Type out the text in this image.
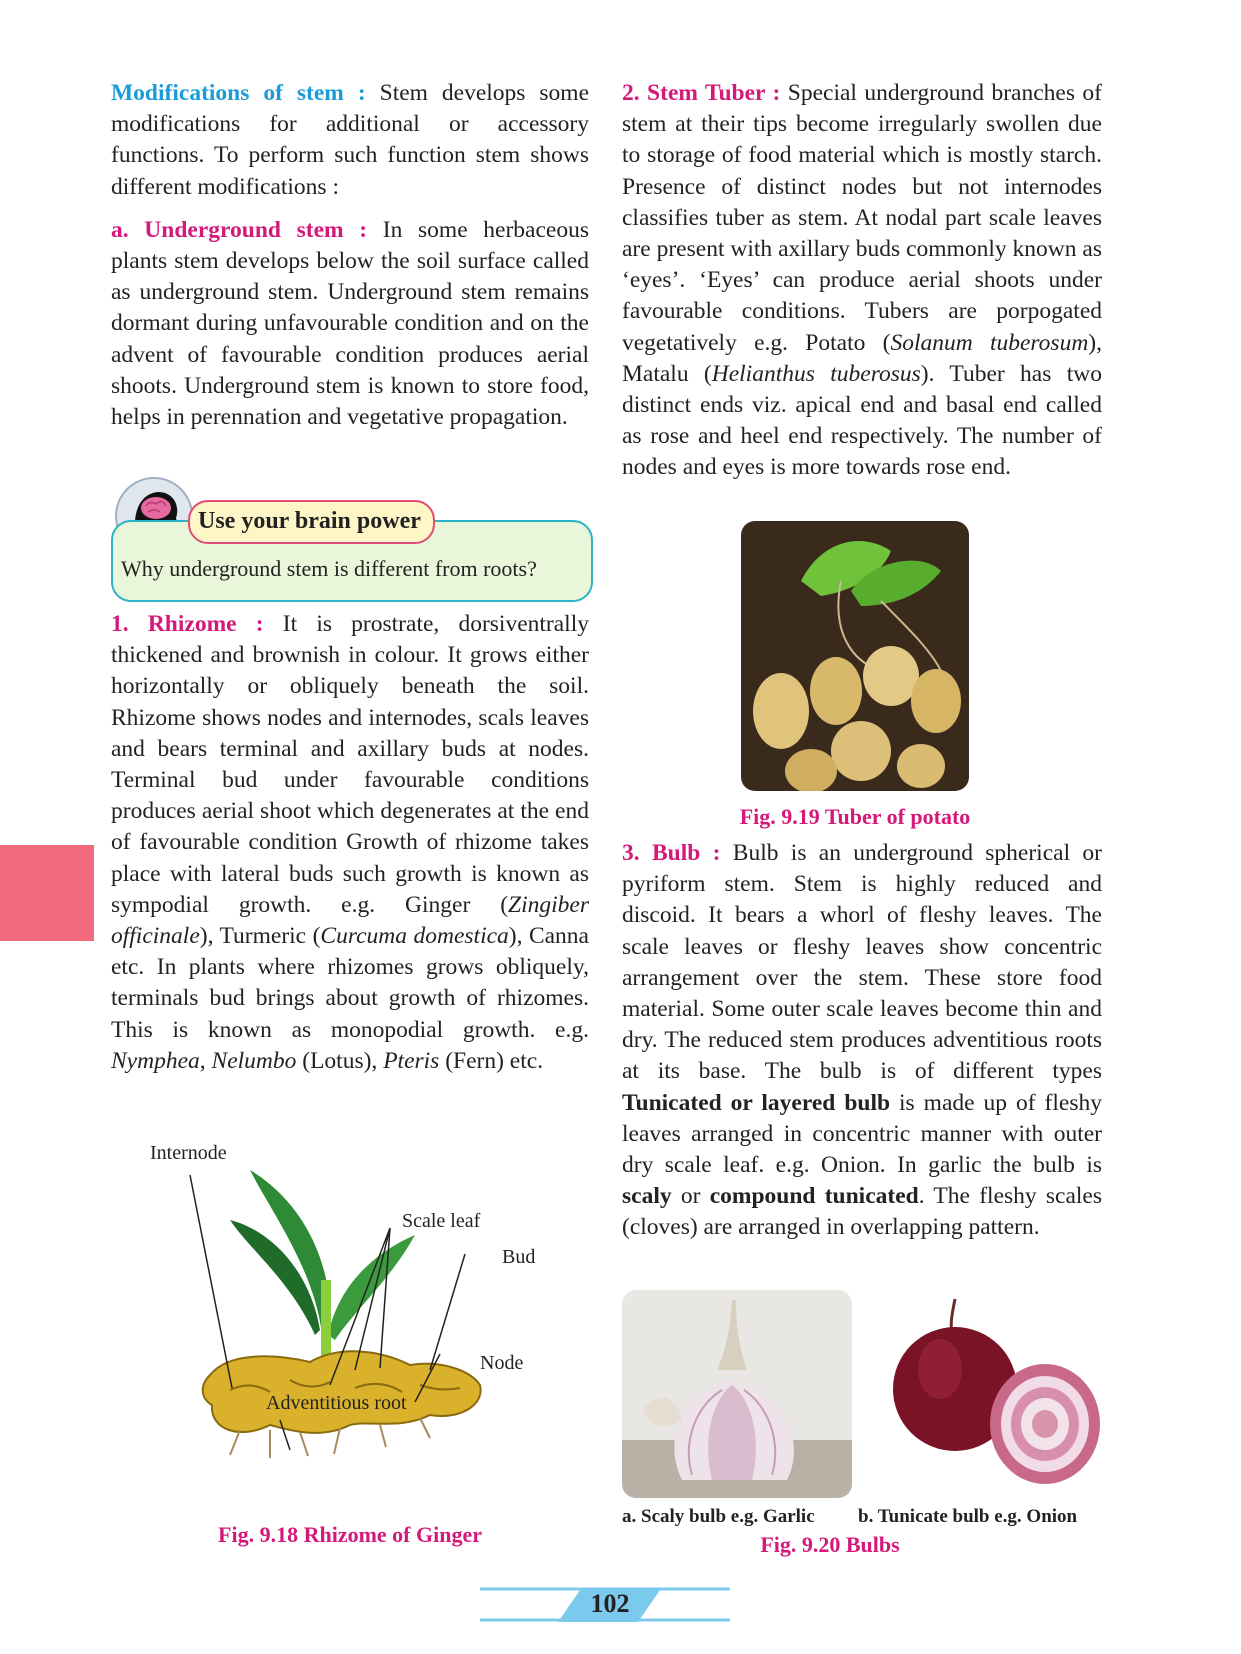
Modifications of stem : Stem develops some modifications for additional or accessory functions. To perform such function stem shows different modifications :

a. Underground stem : In some herbaceous plants stem develops below the soil surface called as underground stem. Underground stem remains dormant during unfavourable condition and on the advent of favourable condition produces aerial shoots. Underground stem is known to store food, helps in perennation and vegetative propagation.

Use your brain power
Why underground stem is different from roots?

1. Rhizome : It is prostrate, dorsiventrally thickened and brownish in colour. It grows either horizontally or obliquely beneath the soil. Rhizome shows nodes and internodes, scals leaves and bears terminal and axillary buds at nodes. Terminal bud under favourable conditions produces aerial shoot which degenerates at the end of favourable condition Growth of rhizome takes place with lateral buds such growth is known as sympodial growth. e.g. Ginger (Zingiber officinale), Turmeric (Curcuma domestica), Canna etc. In plants where rhizomes grows obliquely, terminals bud brings about growth of rhizomes. This is known as monopodial growth. e.g. Nymphea, Nelumbo (Lotus), Pteris (Fern) etc.

Internode
Scale leaf
Bud
Node
Adventitious root
Fig. 9.18 Rhizome of Ginger

2. Stem Tuber : Special underground branches of stem at their tips become irregularly swollen due to storage of food material which is mostly starch. Presence of distinct nodes but not internodes classifies tuber as stem. At nodal part scale leaves are present with axillary buds commonly known as ‘eyes’. ‘Eyes’ can produce aerial shoots under favourable conditions. Tubers are porpogated vegetatively e.g. Potato (Solanum tuberosum), Matalu (Helianthus tuberosus). Tuber has two distinct ends viz. apical end and basal end called as rose and heel end respectively. The number of nodes and eyes is more towards rose end.

Fig. 9.19 Tuber of potato

3. Bulb : Bulb is an underground spherical or pyriform stem. Stem is highly reduced and discoid. It bears a whorl of fleshy leaves. The scale leaves or fleshy leaves show concentric arrangement over the stem. These store food material. Some outer scale leaves become thin and dry. The reduced stem produces adventitious roots at its base. The bulb is of different types Tunicated or layered bulb is made up of fleshy leaves arranged in concentric manner with outer dry scale leaf. e.g. Onion. In garlic the bulb is scaly or compound tunicated. The fleshy scales (cloves) are arranged in overlapping pattern.

a. Scaly bulb e.g. Garlic	b. Tunicate bulb e.g. Onion
Fig. 9.20 Bulbs
102
